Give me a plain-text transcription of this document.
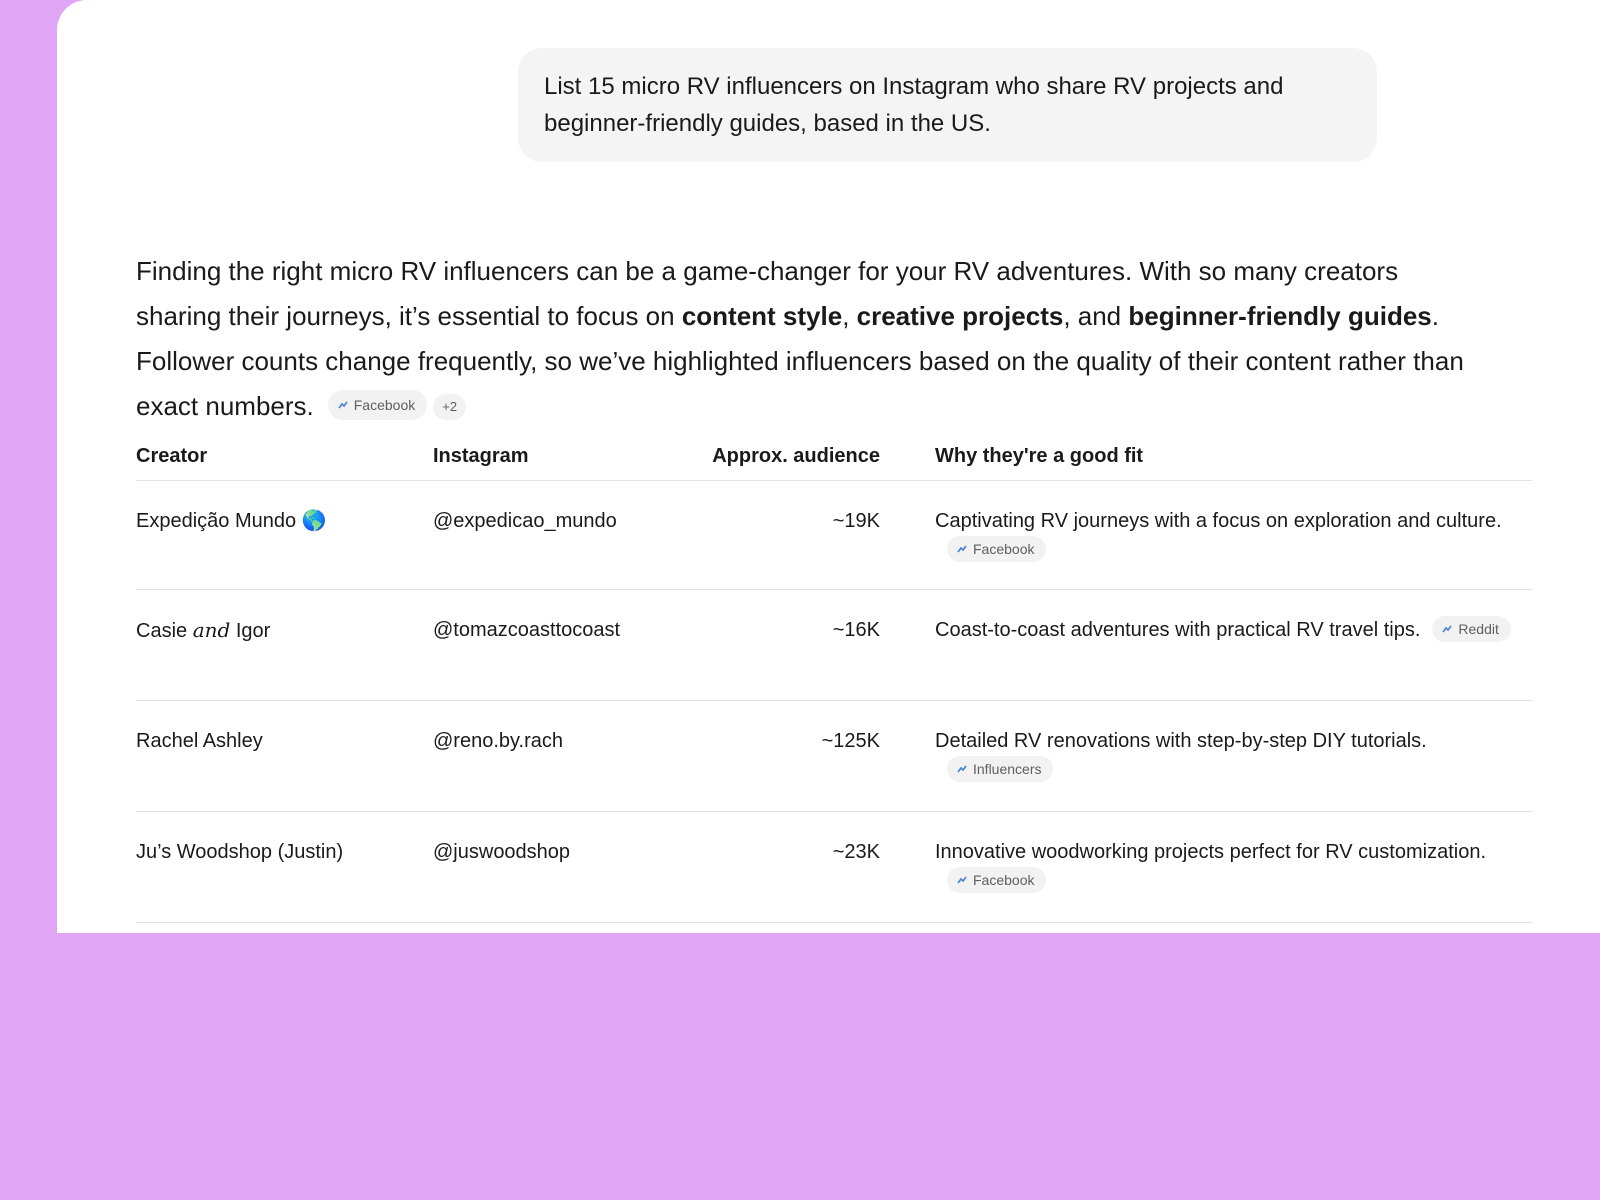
List 15 micro RV influencers on Instagram who share RV projects and beginner-friendly guides, based in the US.

Finding the right micro RV influencers can be a game-changer for your RV adventures. With so many creators sharing their journeys, it’s essential to focus on content style, creative projects, and beginner-friendly guides. Follower counts change frequently, so we’ve highlighted influencers based on the quality of their content rather than exact numbers.	Facebook +2

Creator	Instagram	Approx. audience	Why they're a good fit
Expedição Mundo 🌎	@expedicao_mundo	~19K	Captivating RV journeys with a focus on exploration and culture.Facebook
Casie 𝑎𝑛𝑑 Igor	@tomazcoasttocoast	~16K	Coast-to-coast adventures with practical RV travel tips. Reddit
Rachel Ashley	@reno.by.rach	~125K	Detailed RV renovations with step-by-step DIY tutorials.Influencers
Ju’s Woodshop (Justin)	@juswoodshop	~23K	Innovative woodworking projects perfect for RV customization.Facebook
